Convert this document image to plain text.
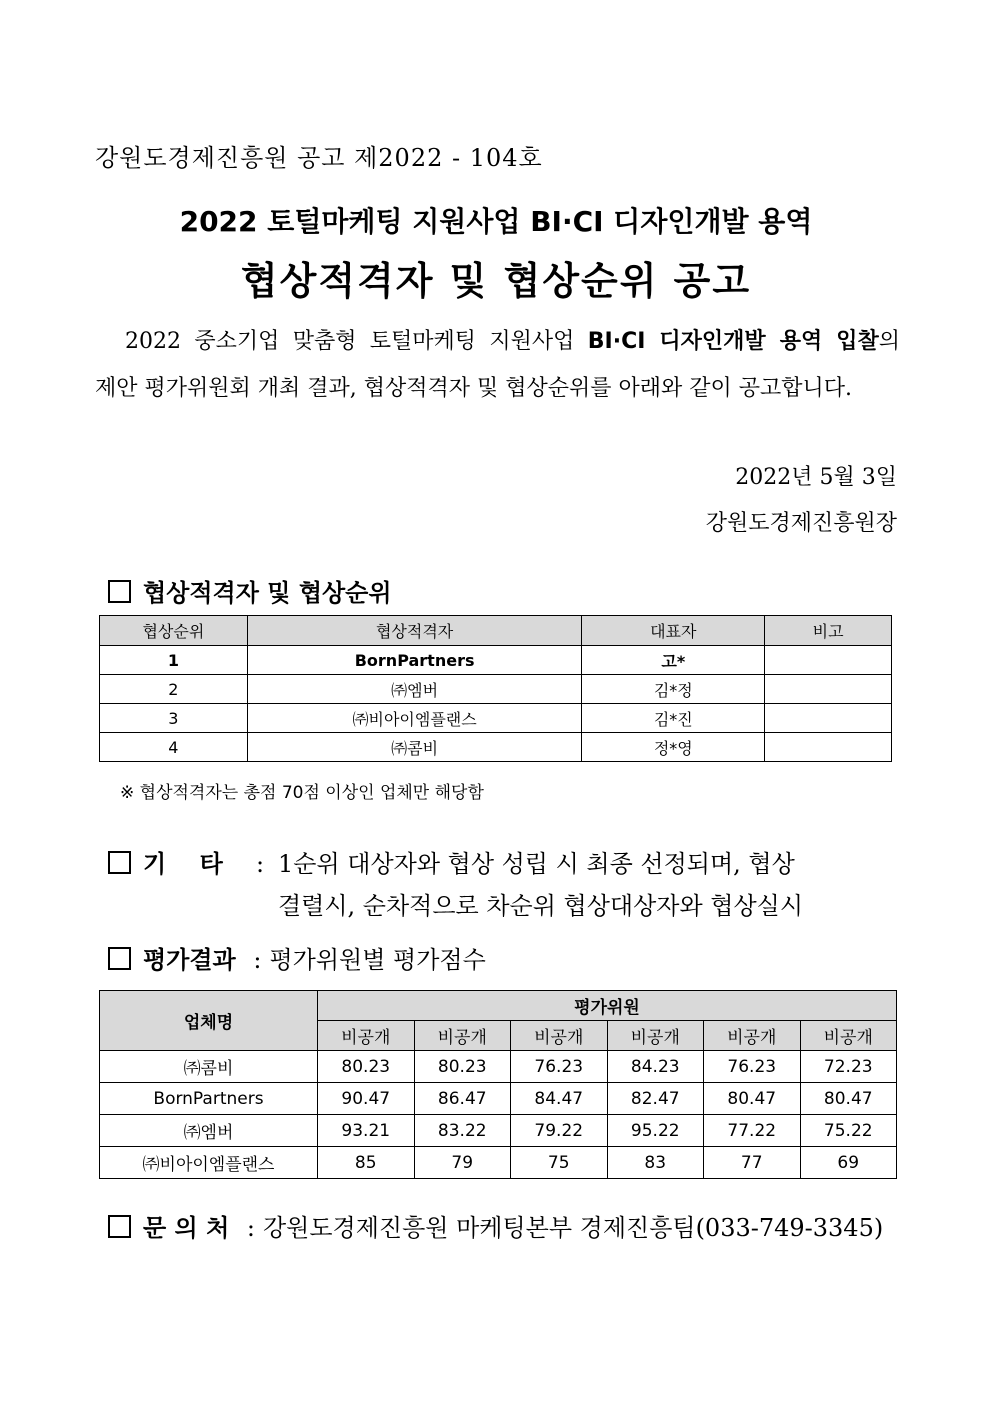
강원도경제진흥원 공고 제2022 - 104호
2022 토털마케팅 지원사업 BI·CI 디자인개발 용역
협상적격자 및 협상순위 공고
2022 중소기업 맞춤형 토털마케팅 지원사업 BI·CI 디자인개발 용역 입찰의
제안 평가위원회 개최 결과, 협상적격자 및 협상순위를 아래와 같이 공고합니다.
2022년 5월 3일
강원도경제진흥원장
협상적격자 및 협상순위
협상순위	협상적격자	대표자	비고
1	BornPartners	고*	
2	㈜엠버	김*정	
3	㈜비아이엠플랜스	김*진	
4	㈜콤비	정*영	
※ 협상적격자는 총점 70점 이상인 업체만 해당함
기    타 : 1순위 대상자와 협상 성립 시 최종 선정되며, 협상
결렬시, 순차적으로 차순위 협상대상자와 협상실시
평가결과 : 평가위원별 평가점수
업체명	평가위원					
	비공개	비공개	비공개	비공개	비공개	비공개
㈜콤비	80.23	80.23	76.23	84.23	76.23	72.23
BornPartners	90.47	86.47	84.47	82.47	80.47	80.47
㈜엠버	93.21	83.22	79.22	95.22	77.22	75.22
㈜비아이엠플랜스	85	79	75	83	77	69
문 의 처 : 강원도경제진흥원 마케팅본부 경제진흥팀(033-749-3345)
